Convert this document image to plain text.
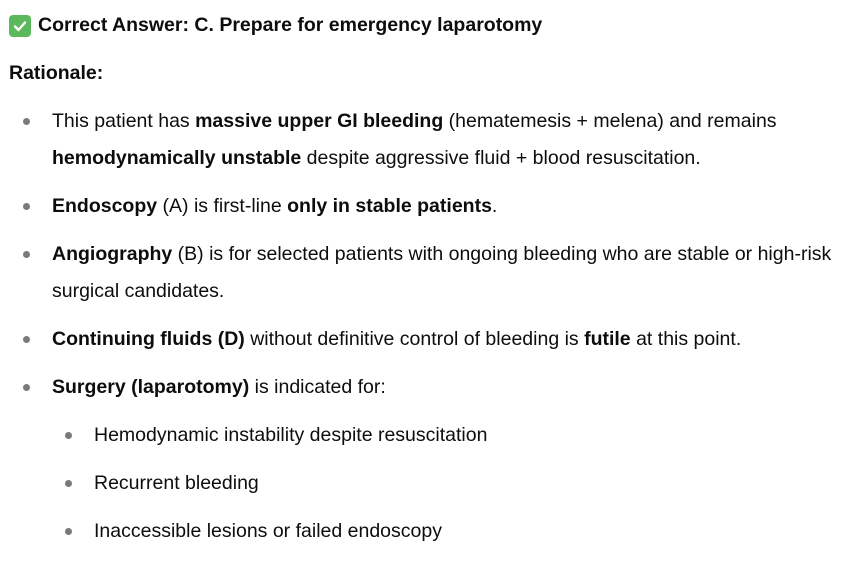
Correct Answer: C. Prepare for emergency laparotomy
Rationale:
This patient has massive upper GI bleeding (hematemesis + melena) and remains hemodynamically unstable despite aggressive fluid + blood resuscitation.
Endoscopy (A) is first-line only in stable patients.
Angiography (B) is for selected patients with ongoing bleeding who are stable or high-risk surgical candidates.
Continuing fluids (D) without definitive control of bleeding is futile at this point.
Surgery (laparotomy) is indicated for:
Hemodynamic instability despite resuscitation
Recurrent bleeding
Inaccessible lesions or failed endoscopy
